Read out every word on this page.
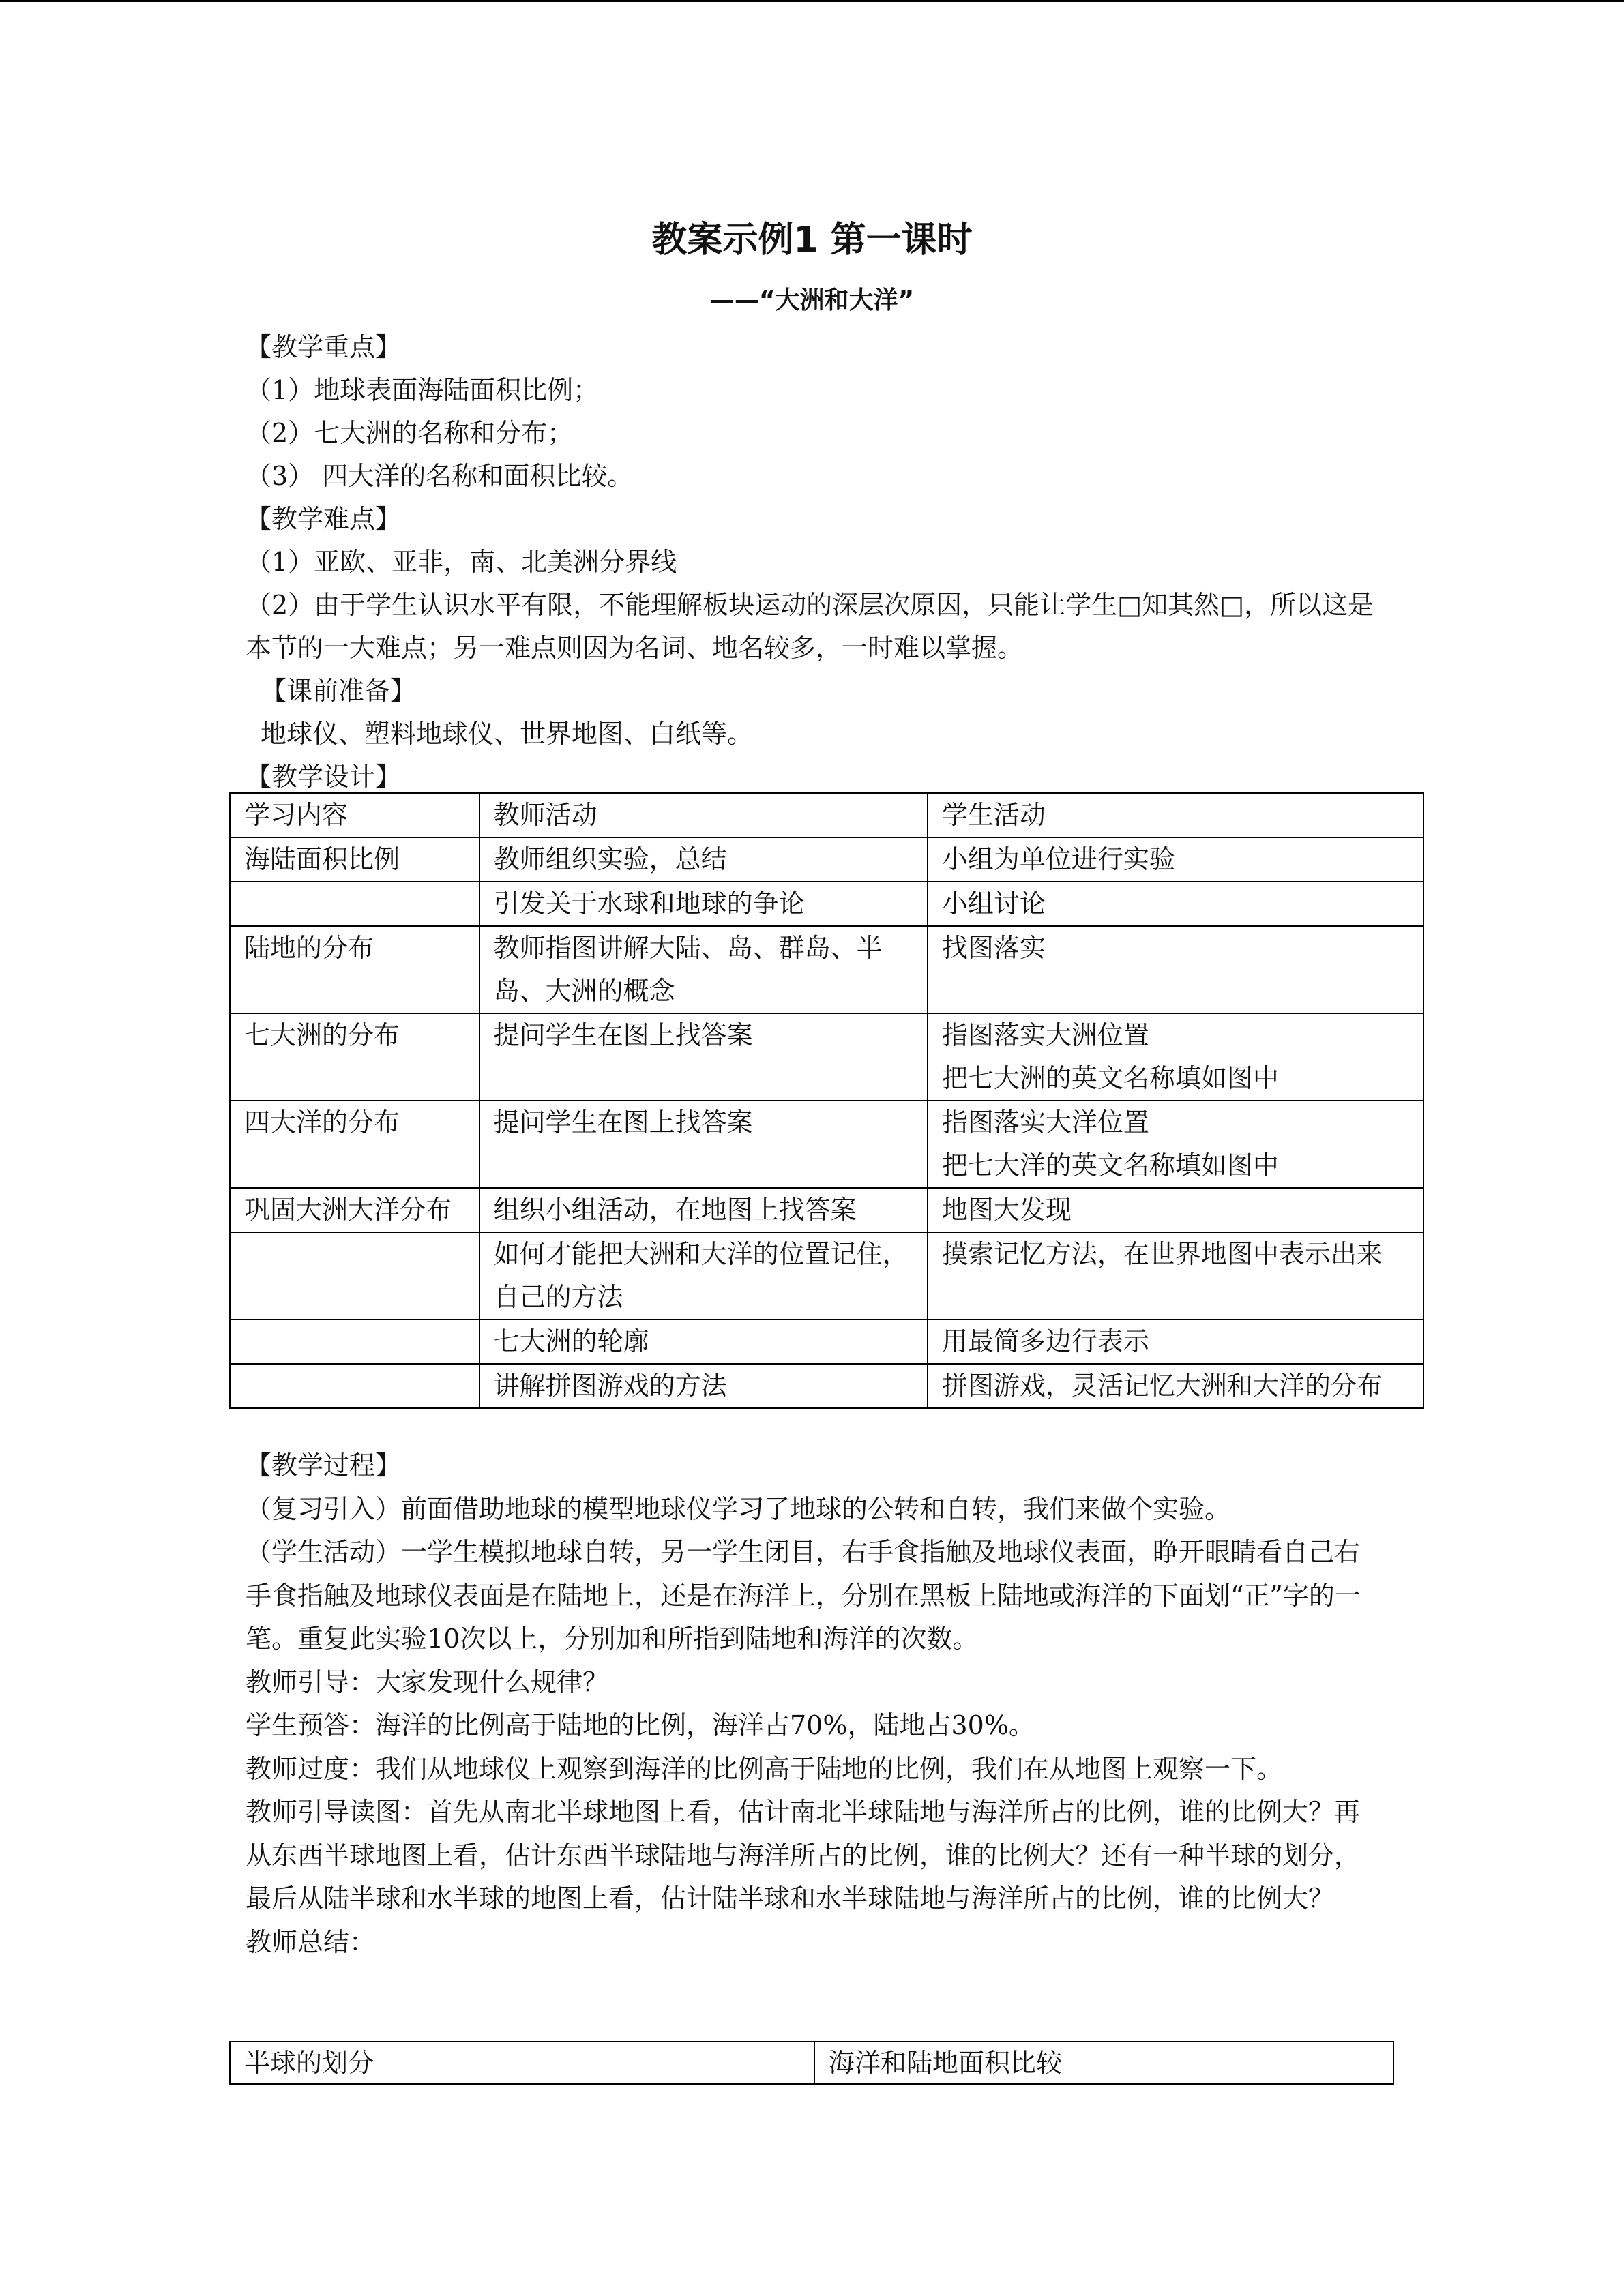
教案示例1 第一课时
——“大洲和大洋”

【教学重点】

（1）地球表面海陆面积比例；

（2）七大洲的名称和分布；

（3） 四大洋的名称和面积比较。

【教学难点】

（1）亚欧、亚非，南、北美洲分界线

（2）由于学生认识水平有限，不能理解板块运动的深层次原因，只能让学生□知其然□，所以这是本节的一大难点；另一难点则因为名词、地名较多，一时难以掌握。

【课前准备】

地球仪、塑料地球仪、世界地图、白纸等。

【教学设计】

学习内容	教师活动	学生活动
海陆面积比例	教师组织实验，总结	小组为单位进行实验
	引发关于水球和地球的争论	小组讨论
陆地的分布	教师指图讲解大陆、岛、群岛、半岛、大洲的概念	找图落实
七大洲的分布	提问学生在图上找答案	指图落实大洲位置
把七大洲的英文名称填如图中
四大洋的分布	提问学生在图上找答案	指图落实大洋位置
把七大洋的英文名称填如图中
巩固大洲大洋分布	组织小组活动，在地图上找答案	地图大发现
	如何才能把大洲和大洋的位置记住，自己的方法	摸索记忆方法，在世界地图中表示出来
	七大洲的轮廓	用最简多边行表示
	讲解拼图游戏的方法	拼图游戏，灵活记忆大洲和大洋的分布

【教学过程】

（复习引入）前面借助地球的模型地球仪学习了地球的公转和自转，我们来做个实验。

（学生活动）一学生模拟地球自转，另一学生闭目，右手食指触及地球仪表面，睁开眼睛看自己右手食指触及地球仪表面是在陆地上，还是在海洋上，分别在黑板上陆地或海洋的下面划“正”字的一笔。重复此实验10次以上，分别加和所指到陆地和海洋的次数。

教师引导：大家发现什么规律？

学生预答：海洋的比例高于陆地的比例，海洋占70%，陆地占30%。

教师过度：我们从地球仪上观察到海洋的比例高于陆地的比例，我们在从地图上观察一下。

教师引导读图：首先从南北半球地图上看，估计南北半球陆地与海洋所占的比例，谁的比例大？再从东西半球地图上看，估计东西半球陆地与海洋所占的比例，谁的比例大？还有一种半球的划分，最后从陆半球和水半球的地图上看，估计陆半球和水半球陆地与海洋所占的比例，谁的比例大？

教师总结：

半球的划分	海洋和陆地面积比较
